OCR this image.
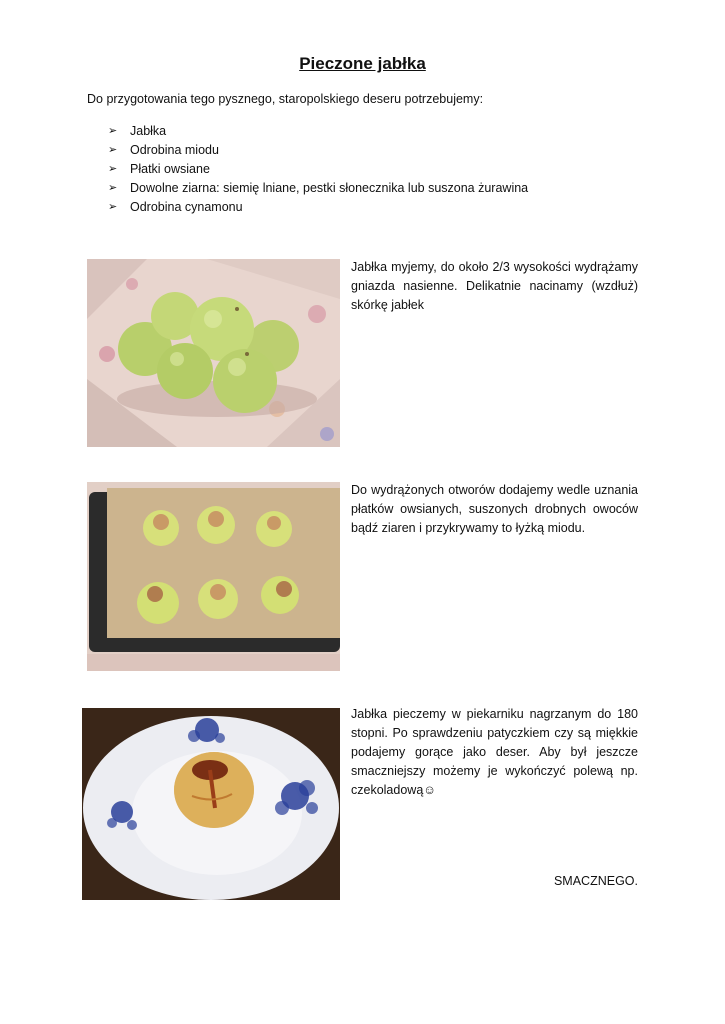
Pieczone jabłka
Do przygotowania tego pysznego, staropolskiego deseru potrzebujemy:
➢ Jabłka
➢ Odrobina miodu
➢ Płatki owsiane
➢ Dowolne ziarna: siemię lniane, pestki słonecznika lub suszona żurawina
➢ Odrobina cynamonu
Jabłka myjemy, do około 2/3 wysokości wydrążamy gniazda nasienne. Delikatnie nacinamy (wzdłuż) skórkę jabłek
Do wydrążonych otworów dodajemy wedle uznania płatków owsianych, suszonych drobnych owoców bądź ziaren i przykrywamy to łyżką miodu.
Jabłka pieczemy w piekarniku nagrzanym do 180 stopni. Po sprawdzeniu patyczkiem czy są miękkie podajemy gorące jako deser. Aby był jeszcze smaczniejszy możemy je wykończyć polewą np. czekoladową☺
SMACZNEGO.
